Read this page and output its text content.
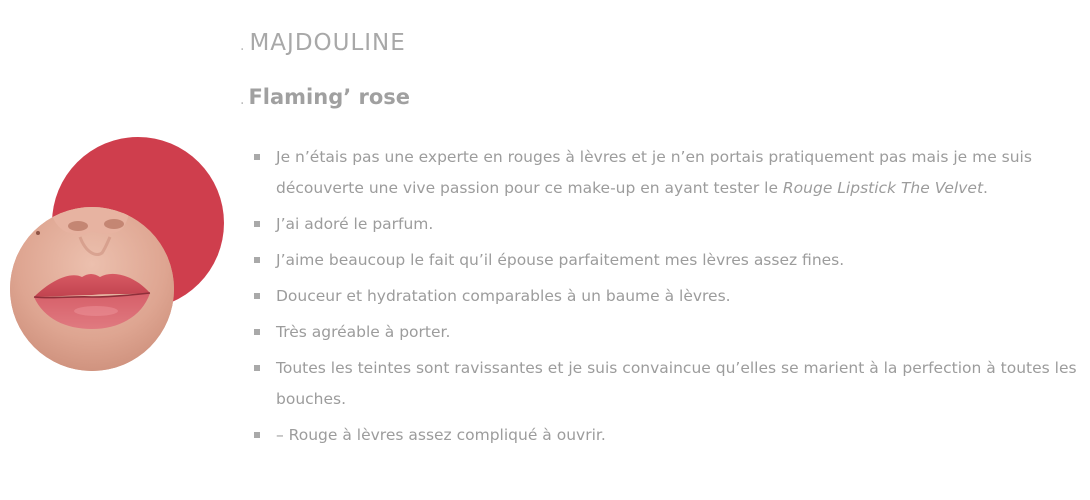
. MAJDOULINE
. Flaming’ rose
Je n’étais pas une experte en rouges à lèvres et je n’en portais pratiquement pas mais je me suis découverte une vive passion pour ce make-up en ayant tester le Rouge Lipstick The Velvet.
J’ai adoré le parfum.
J’aime beaucoup le fait qu’il épouse parfaitement mes lèvres assez fines.
Douceur et hydratation comparables à un baume à lèvres.
Très agréable à porter.
Toutes les teintes sont ravissantes et je suis convaincue qu’elles se marient à la perfection à toutes les bouches.
– Rouge à lèvres assez compliqué à ouvrir.
